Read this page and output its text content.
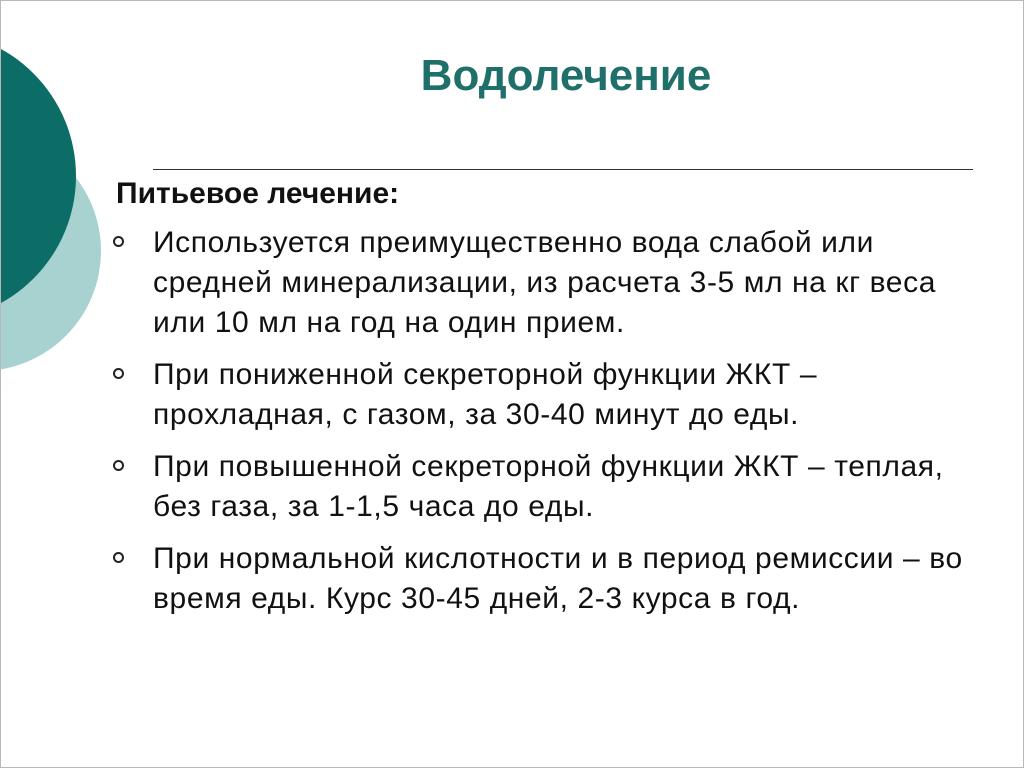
Водолечение
Питьевое лечение:
Используется преимущественно вода слабой или средней минерализации, из расчета 3-5 мл на кг веса или 10 мл на год на один прием.
При пониженной секреторной функции ЖКТ – прохладная, с газом, за 30-40 минут до еды.
При повышенной секреторной функции ЖКТ – теплая, без газа, за 1-1,5 часа до еды.
При нормальной кислотности и в период ремиссии – во время еды. Курс 30-45 дней, 2-3 курса в год.
